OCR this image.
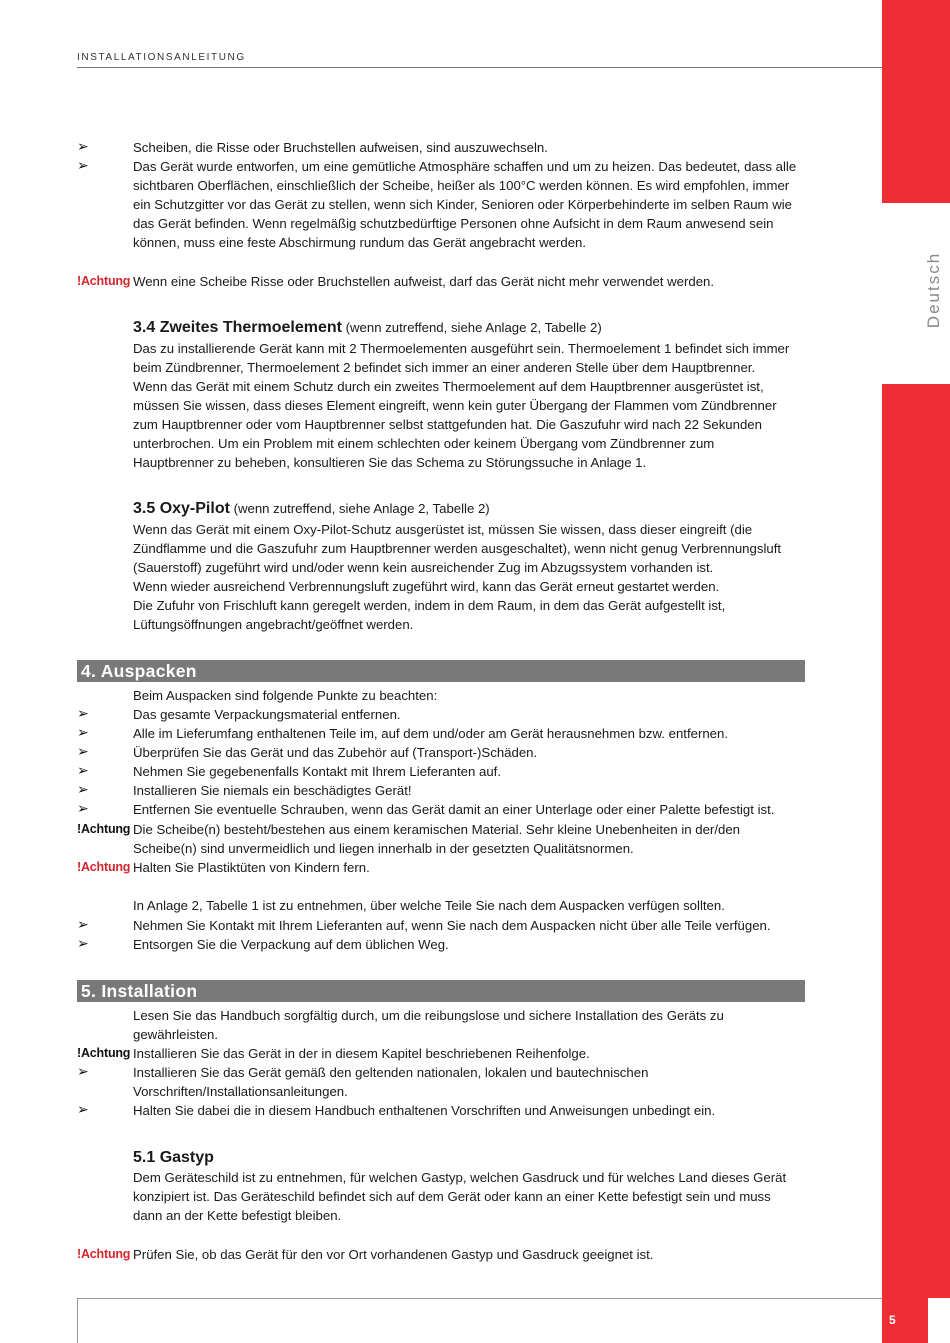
Deutsch
INSTALLATIONSANLEITUNG
➢	Scheiben, die Risse oder Bruchstellen aufweisen, sind auszuwechseln.
➢	Das Gerät wurde entworfen, um eine gemütliche Atmosphäre schaffen und um zu heizen. Das bedeutet, dass alle
sichtbaren Oberflächen, einschließlich der Scheibe, heißer als 100°C werden können. Es wird empfohlen, immer
ein Schutzgitter vor das Gerät zu stellen, wenn sich Kinder, Senioren oder Körperbehinderte im selben Raum wie
das Gerät befinden. Wenn regelmäßig schutzbedürftige Personen ohne Aufsicht in dem Raum anwesend sein
können, muss eine feste Abschirmung rundum das Gerät angebracht werden.
!Achtung Wenn eine Scheibe Risse oder Bruchstellen aufweist, darf das Gerät nicht mehr verwendet werden.
3.4 Zweites Thermoelement (wenn zutreffend, siehe Anlage 2, Tabelle 2)
Das zu installierende Gerät kann mit 2 Thermoelementen ausgeführt sein. Thermoelement 1 befindet sich immer
beim Zündbrenner, Thermoelement 2 befindet sich immer an einer anderen Stelle über dem Hauptbrenner.
Wenn das Gerät mit einem Schutz durch ein zweites Thermoelement auf dem Hauptbrenner ausgerüstet ist,
müssen Sie wissen, dass dieses Element eingreift, wenn kein guter Übergang der Flammen vom Zündbrenner
zum Hauptbrenner oder vom Hauptbrenner selbst stattgefunden hat. Die Gaszufuhr wird nach 22 Sekunden
unterbrochen. Um ein Problem mit einem schlechten oder keinem Übergang vom Zündbrenner zum
Hauptbrenner zu beheben, konsultieren Sie das Schema zu Störungssuche in Anlage 1.
3.5 Oxy-Pilot (wenn zutreffend, siehe Anlage 2, Tabelle 2)
Wenn das Gerät mit einem Oxy-Pilot-Schutz ausgerüstet ist, müssen Sie wissen, dass dieser eingreift (die
Zündflamme und die Gaszufuhr zum Hauptbrenner werden ausgeschaltet), wenn nicht genug Verbrennungsluft
(Sauerstoff) zugeführt wird und/oder wenn kein ausreichender Zug im Abzugssystem vorhanden ist.
Wenn wieder ausreichend Verbrennungsluft zugeführt wird, kann das Gerät erneut gestartet werden.
Die Zufuhr von Frischluft kann geregelt werden, indem in dem Raum, in dem das Gerät aufgestellt ist,
Lüftungsöffnungen angebracht/geöffnet werden.
4. Auspacken
Beim Auspacken sind folgende Punkte zu beachten:
➢	Das gesamte Verpackungsmaterial entfernen.
➢	Alle im Lieferumfang enthaltenen Teile im, auf dem und/oder am Gerät herausnehmen bzw. entfernen.
➢	Überprüfen Sie das Gerät und das Zubehör auf (Transport-)Schäden.
➢	Nehmen Sie gegebenenfalls Kontakt mit Ihrem Lieferanten auf.
➢	Installieren Sie niemals ein beschädigtes Gerät!
➢	Entfernen Sie eventuelle Schrauben, wenn das Gerät damit an einer Unterlage oder einer Palette befestigt ist.
!Achtung Die Scheibe(n) besteht/bestehen aus einem keramischen Material. Sehr kleine Unebenheiten in der/den
Scheibe(n) sind unvermeidlich und liegen innerhalb in der gesetzten Qualitätsnormen.
!Achtung Halten Sie Plastiktüten von Kindern fern.
In Anlage 2, Tabelle 1 ist zu entnehmen, über welche Teile Sie nach dem Auspacken verfügen sollten.
➢	Nehmen Sie Kontakt mit Ihrem Lieferanten auf, wenn Sie nach dem Auspacken nicht über alle Teile verfügen.
➢	Entsorgen Sie die Verpackung auf dem üblichen Weg.
5. Installation
Lesen Sie das Handbuch sorgfältig durch, um die reibungslose und sichere Installation des Geräts zu
gewährleisten.
!Achtung Installieren Sie das Gerät in der in diesem Kapitel beschriebenen Reihenfolge.
➢	Installieren Sie das Gerät gemäß den geltenden nationalen, lokalen und bautechnischen
Vorschriften/Installationsanleitungen.
➢	Halten Sie dabei die in diesem Handbuch enthaltenen Vorschriften und Anweisungen unbedingt ein.
5.1 Gastyp
Dem Geräteschild ist zu entnehmen, für welchen Gastyp, welchen Gasdruck und für welches Land dieses Gerät
konzipiert ist. Das Geräteschild befindet sich auf dem Gerät oder kann an einer Kette befestigt sein und muss
dann an der Kette befestigt bleiben.
!Achtung Prüfen Sie, ob das Gerät für den vor Ort vorhandenen Gastyp und Gasdruck geeignet ist.
5
